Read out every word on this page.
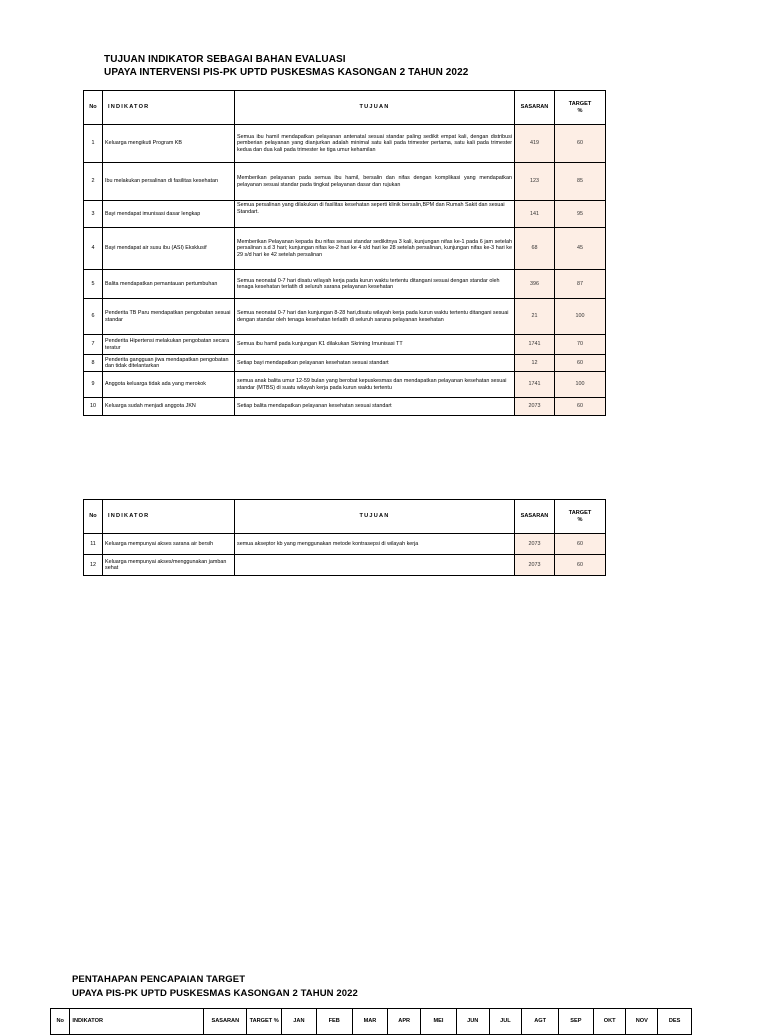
TUJUAN INDIKATOR SEBAGAI BAHAN EVALUASI
UPAYA INTERVENSI PIS-PK UPTD PUSKESMAS KASONGAN 2 TAHUN 2022
No	INDIKATOR	TUJUAN	SASARAN	TARGET
%

1	Keluarga mengikuti Program KB	Semua ibu hamil mendapatkan pelayanan antenatal sesuai standar paling sedikit empat kali, dengan distribusi pemberian pelayanan yang dianjurkan adalah minimal satu kali pada trimester pertama, satu kali pada trimester kedua dan dua kali pada trimester ke tiga umur kehamilan	419	60
2	Ibu melakukan persalinan di fasilitas kesehatan	Memberikan pelayanan pada semua ibu hamil, bersalin dan nifas dengan komplikasi yang mendapatkan pelayanan sesuai standar pada tingkat pelayanan dasar dan rujukan	123	85
3	Bayi mendapat imunisasi dasar lengkap	Semua persalinan yang dilakukan di fasilitas kesehatan seperti klinik bersalin,BPM dan Rumah Sakit dan sesuai Standart.	141	95
4	Bayi mendapat air susu ibu (ASI) Eksklusif	Memberikan Pelayanan kepada ibu nifas sesuai standar sedikitnya 3 kali, kunjungan nifas ke-1 pada 6 jam setelah persalinan s.d 3 hari; kunjungan nifas ke-2 hari ke 4 s/d hari ke 28 setelah persalinan, kunjungan nifas ke-3 hari ke 29 s/d hari ke 42 setelah persalinan	68	45
5	Balita mendapatkan pemantauan pertumbuhan	Semua neonatal 0-7 hari disatu wilayah kerja pada kurun waktu tertentu ditangani sesuai dengan standar oleh tenaga kesehatan terlatih di seluruh sarana pelayanan kesehatan	396	87
6	Penderita TB Paru mendapatkan pengobatan sesuai standar	Semua neonatal 0-7 hari dan kunjungan 8-28 hari,disatu wilayah kerja pada kurun waktu tertentu ditangani sesuai dengan standar oleh tenaga kesehatan terlatih di seluruh sarana pelayanan kesehatan	21	100
7	Penderita Hipertensi melakukan pengobatan secara teratur	Semua ibu hamil pada kunjungan K1 dilakukan Skrining Imunisasi TT	1741	70
8	Penderita gangguan jiwa mendapatkan pengobatan dan tidak ditelantarkan	Setiap bayi mendapatkan pelayanan kesehatan sesuai standart	12	60
9	Anggota keluarga tidak ada yang merokok	semua anak balita umur 12-59 bulan yang berobat kepuskesmas dan mendapatkan pelayanan kesehatan sesuai standar (MTBS) di suatu wilayah kerja pada kurun waktu tertentu	1741	100
10	Keluarga sudah menjadi anggota JKN	Setiap balita mendapatkan pelayanan kesehatan sesuai standart	2073	60
No	INDIKATOR	TUJUAN	SASARAN	TARGET
%

11	Keluarga mempunyai akses sarana air bersih	semua akseptor kb yang menggunakan metode kontrasepsi di wilayah kerja	2073	60
12	Keluarga mempunyai akses/menggunakan jamban sehat		2073	60
PENTAHAPAN PENCAPAIAN TARGET
UPAYA PIS-PK UPTD PUSKESMAS KASONGAN 2 TAHUN 2022
No	INDIKATOR	SASARAN	TARGET %	JAN	FEB	MAR	APR	MEI	JUN	JUL	AGT	SEP	OKT	NOV	DES
